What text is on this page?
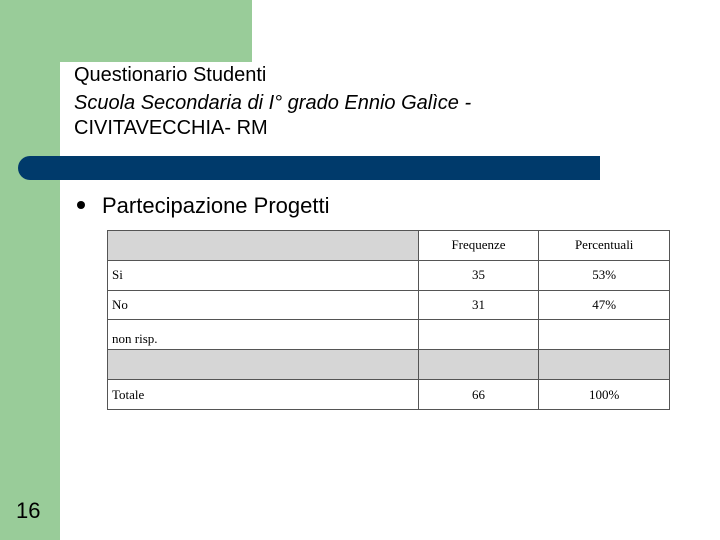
Questionario Studenti
Scuola Secondaria di I° grado Ennio Galìce -
CIVITAVECCHIA- RM
Partecipazione Progetti
	Frequenze	Percentuali
Si	35	53%
No	31	47%
non risp.		

Totale	66	100%
16
